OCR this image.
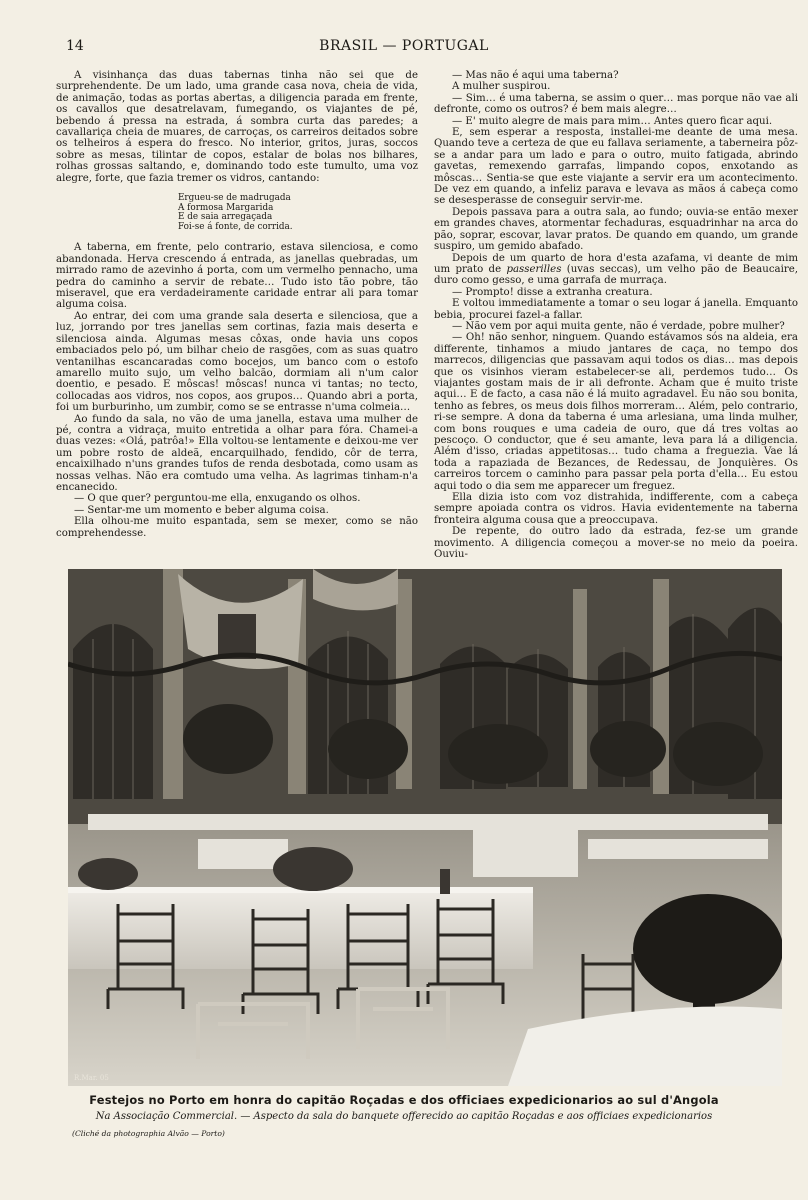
14	BRASIL — PORTUGAL

A visinhança das duas tabernas tinha não sei que de surprehendente. De um lado, uma grande casa nova, cheia de vida, de animação, todas as portas abertas, a diligencia parada em frente, os cavallos que desatrelavam, fumegando, os viajantes de pé, bebendo á pressa na estrada, á sombra curta das paredes; a cavallariça cheia de muares, de carroças, os carreiros deitados sobre os telheiros á espera do fresco. No interior, gritos, juras, soccos sobre as mesas, tilintar de copos, estalar de bolas nos bilhares, rolhas grossas saltando, e, dominando todo este tumulto, uma voz alegre, forte, que fazia tremer os vidros, cantando:

Ergueu-se de madrugada
A formosa Margarida
E de saia arregaçada
Foi-se á fonte, de corrida.

A taberna, em frente, pelo contrario, estava silenciosa, e como abandonada. Herva crescendo á entrada, as janellas quebradas, um mirrado ramo de azevinho á porta, com um vermelho pennacho, uma pedra do caminho a servir de rebate… Tudo isto tão pobre, tão miseravel, que era verdadeiramente caridade entrar ali para tomar alguma coisa.

Ao entrar, dei com uma grande sala deserta e silenciosa, que a luz, jorrando por tres janellas sem cortinas, fazia mais deserta e silenciosa ainda. Algumas mesas côxas, onde havia uns copos embaciados pelo pó, um bilhar cheio de rasgões, com as suas quatro ventanilhas escancaradas como bocejos, um banco com o estofo amarello muito sujo, um velho balcão, dormiam ali n'um calor doentio, e pesado. E môscas! môscas! nunca vi tantas; no tecto, collocadas aos vidros, nos copos, aos grupos… Quando abri a porta, foi um burburinho, um zumbir, como se se entrasse n'uma colmeia…

Ao fundo da sala, no vão de uma janella, estava uma mulher de pé, contra a vidraça, muito entretida a olhar para fóra. Chamei-a duas vezes: «Olá, patrôa!» Ella voltou-se lentamente e deixou-me ver um pobre rosto de aldeã, encarquilhado, fendido, côr de terra, encaixilhado n'uns grandes tufos de renda desbotada, como usam as nossas velhas. Não era comtudo uma velha. As lagrimas tinham-n'a encanecido.

— O que quer? perguntou-me ella, enxugando os olhos.

— Sentar-me um momento e beber alguma coisa.

Ella olhou-me muito espantada, sem se mexer, como se não comprehendesse.

— Mas não é aqui uma taberna?

A mulher suspirou.

— Sim… é uma taberna, se assim o quer… mas porque não vae ali defronte, como os outros? é bem mais alegre…

— E' muito alegre de mais para mim… Antes quero ficar aqui.

E, sem esperar a resposta, installei-me deante de uma mesa. Quando teve a certeza de que eu fallava seriamente, a taberneira pôz-se a andar para um lado e para o outro, muito fatigada, abrindo gavetas, remexendo garrafas, limpando copos, enxotando as môscas… Sentia-se que este viajante a servir era um acontecimento. De vez em quando, a infeliz parava e levava as mãos á cabeça como se desesperasse de conseguir servir-me.

Depois passava para a outra sala, ao fundo; ouvia-se então mexer em grandes chaves, atormentar fechaduras, esquadrinhar na arca do pão, soprar, escovar, lavar pratos. De quando em quando, um grande suspiro, um gemido abafado.

Depois de um quarto de hora d'esta azafama, vi deante de mim um prato de passerilles (uvas seccas), um velho pão de Beaucaire, duro como gesso, e uma garrafa de murraça.

— Prompto! disse a extranha creatura.

E voltou immediatamente a tomar o seu logar á janella. Emquanto bebia, procurei fazel-a fallar.

— Não vem por aqui muita gente, não é verdade, pobre mulher?

— Oh! não senhor, ninguem. Quando estávamos sós na aldeia, era differente, tinhamos a miudo jantares de caça, no tempo dos marrecos, diligencias que passavam aqui todos os dias… mas depois que os visinhos vieram estabelecer-se ali, perdemos tudo… Os viajantes gostam mais de ir ali defronte. Acham que é muito triste aqui… E de facto, a casa não é lá muito agradavel. Eu não sou bonita, tenho as febres, os meus dois filhos morreram… Além, pelo contrario, ri-se sempre. A dona da taberna é uma arlesiana, uma linda mulher, com bons rouques e uma cadeia de ouro, que dá tres voltas ao pescoço. O conductor, que é seu amante, leva para lá a diligencia. Além d'isso, criadas appetitosas… tudo chama a freguezia. Vae lá toda a rapaziada de Bezances, de Redessau, de Jonquières. Os carreiros torcem o caminho para passar pela porta d'ella… Eu estou aqui todo o dia sem me apparecer um freguez.

Ella dizia isto com voz distrahida, indifferente, com a cabeça sempre apoiada contra os vidros. Havia evidentemente na taberna fronteira alguma cousa que a preoccupava.

De repente, do outro lado da estrada, fez-se um grande movimento. A diligencia começou a mover-se no meio da poeira. Ouviu-

R.Mar. 05
Festejos no Porto em honra do capitão Roçadas e dos officiaes expedicionarios ao sul d'Angola
Na Associação Commercial. — Aspecto da sala do banquete offerecido ao capitão Roçadas e aos officiaes expedicionarios
(Cliché da photographia Alvão — Porto)
